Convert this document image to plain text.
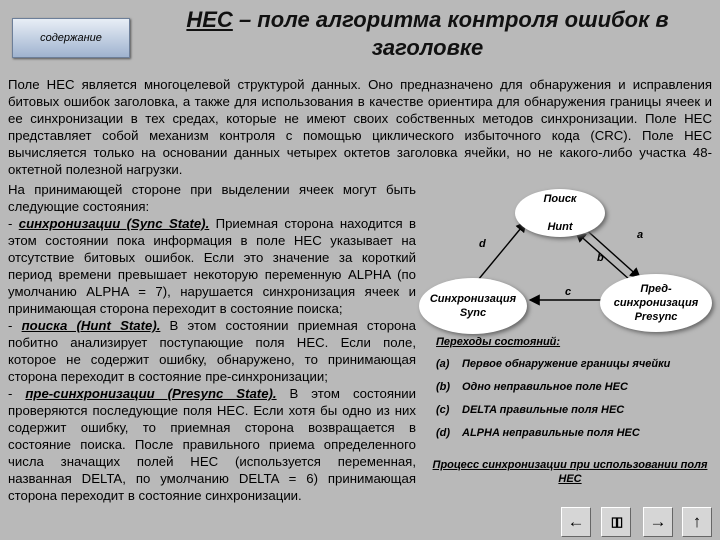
содержание
HEC – поле алгоритма контроля ошибок в
заголовке

Поле НЕС является многоцелевой структурой данных. Оно предназначено для обнаружения и исправления битовых ошибок заголовка, а также для использования в качестве ориентира для обнаружения границы ячеек и ее синхронизации в тех средах, которые не имеют своих собственных методов синхронизации. Поле НЕС представляет собой механизм контроля с помощью циклического избыточного кода (CRC). Поле НЕС вычисляется только на основании данных четырех октетов заголовка ячейки, но не какого-либо участка 48-октетной полезной нагрузки.

На принимающей стороне при выделении ячеек могут быть следующие состояния:

- синхронизации (Sync State). Приемная сторона находится в этом состоянии пока информация в поле НЕС указывает на отсутствие битовых ошибок. Если это значение за короткий период времени превышает некоторую переменную ALPHA (по умолчанию ALPHA = 7), нарушается синхронизация ячеек и принимающая сторона переходит в состояние поиска;

- поиска (Hunt State). В этом состоянии приемная сторона побитно анализирует поступающие поля НЕС. Если поле, которое не содержит ошибку, обнаружено, то принимающая сторона переходит в состояние пре-синхронизации;

- пре-синхронизации (Presync State). В этом состоянии проверяются последующие поля НЕС. Если хотя бы одно из них содержит ошибку, то приемная сторона возвращается в состояние поиска. После правильного приема определенного числа значащих полей НЕС (используется переменная, названная DELTA, по умолчанию DELTA = 6) принимающая сторона переходит в состояние синхронизации.

Поиск

Hunt
Синхронизация
Sync
Пред-
синхронизация
Presync
d
a
b
c
Переходы состояний:
(a)	Первое обнаружение границы ячейки
(b)	Одно неправильное поле HEC
(c)	DELTA правильные поля HEC
(d)	ALPHA неправильные поля HEC
Процесс синхронизации при использовании поля HEC
← ▯▯ → ↑
